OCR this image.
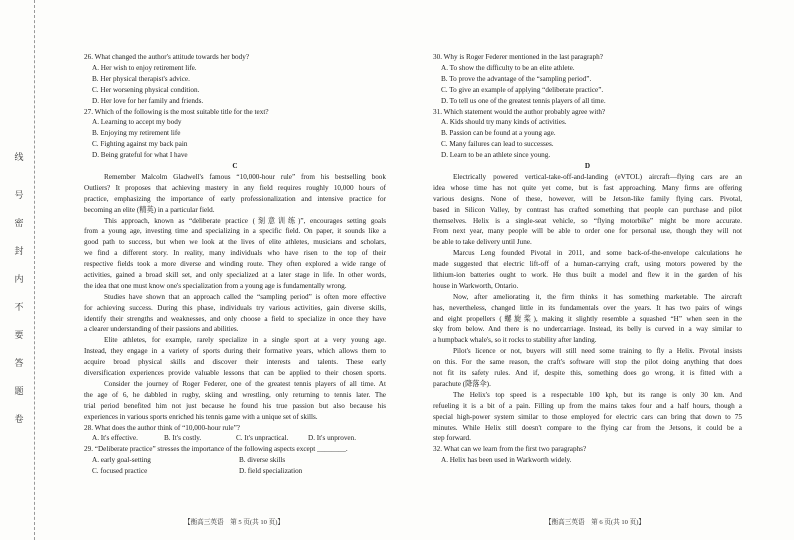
线
号
密
封
内
不
要
答
题
卷
26. What changed the author's attitude towards her body?
A. Her wish to enjoy retirement life.
B. Her physical therapist's advice.
C. Her worsening physical condition.
D. Her love for her family and friends.
27. Which of the following is the most suitable title for the text?
A. Learning to accept my body
B. Enjoying my retirement life
C. Fighting against my back pain
D. Being grateful for what I have
C
Remember Malcolm Gladwell's famous “10,000-hour rule” from his bestselling book
Outliers? It proposes that achieving mastery in any field requires roughly 10,000 hours of
practice, emphasizing the importance of early professionalization and intensive practice for
becoming an elite (精英) in a particular field.
This approach, known as “deliberate practice (刻意训练)”, encourages setting goals
from a young age, investing time and specializing in a specific field. On paper, it sounds like a
good path to success, but when we look at the lives of elite athletes, musicians and scholars,
we find a different story. In reality, many individuals who have risen to the top of their
respective fields took a more diverse and winding route. They often explored a wide range of
activities, gained a broad skill set, and only specialized at a later stage in life. In other words,
the idea that one must know one's specialization from a young age is fundamentally wrong.
Studies have shown that an approach called the “sampling period” is often more effective
for achieving success. During this phase, individuals try various activities, gain diverse skills,
identify their strengths and weaknesses, and only choose a field to specialize in once they have
a clearer understanding of their passions and abilities.
Elite athletes, for example, rarely specialize in a single sport at a very young age.
Instead, they engage in a variety of sports during their formative years, which allows them to
acquire broad physical skills and discover their interests and talents. These early
diversification experiences provide valuable lessons that can be applied to their chosen sports.
Consider the journey of Roger Federer, one of the greatest tennis players of all time. At
the age of 6, he dabbled in rugby, skiing and wrestling, only returning to tennis later. The
trial period benefited him not just because he found his true passion but also because his
experiences in various sports enriched his tennis game with a unique set of skills.
28. What does the author think of “10,000-hour rule”?
A. It's effective.	B. It's costly.	C. It's unpractical.	D. It's unproven.
29. “Deliberate practice” stresses the importance of the following aspects except ________.
A. early goal-setting	B. diverse skills
C. focused practice	D. field specialization
30. Why is Roger Federer mentioned in the last paragraph?
A. To show the difficulty to be an elite athlete.
B. To prove the advantage of the “sampling period”.
C. To give an example of applying “deliberate practice”.
D. To tell us one of the greatest tennis players of all time.
31. Which statement would the author probably agree with?
A. Kids should try many kinds of activities.
B. Passion can be found at a young age.
C. Many failures can lead to successes.
D. Learn to be an athlete since young.
D
Electrically powered vertical-take-off-and-landing (eVTOL) aircraft—flying cars are an
idea whose time has not quite yet come, but is fast approaching. Many firms are offering
various designs. None of these, however, will be Jetson-like family flying cars. Pivotal,
based in Silicon Valley, by contrast has crafted something that people can purchase and pilot
themselves. Helix is a single-seat vehicle, so “flying motorbike” might be more accurate.
From next year, many people will be able to order one for personal use, though they will not
be able to take delivery until June.
Marcus Leng founded Pivotal in 2011, and some back-of-the-envelope calculations he
made suggested that electric lift-off of a human-carrying craft, using motors powered by the
lithium-ion batteries ought to work. He thus built a model and flew it in the garden of his
house in Warkworth, Ontario.
Now, after ameliorating it, the firm thinks it has something marketable. The aircraft
has, nevertheless, changed little in its fundamentals over the years. It has two pairs of wings
and eight propellers (螺旋桨), making it slightly resemble a squashed “H” when seen in the
sky from below. And there is no undercarriage. Instead, its belly is curved in a way similar to
a humpback whale's, so it rocks to stability after landing.
Pilot's licence or not, buyers will still need some training to fly a Helix. Pivotal insists
on this. For the same reason, the craft's software will stop the pilot doing anything that does
not fit its safety rules. And if, despite this, something does go wrong, it is fitted with a
parachute (降落伞).
The Helix's top speed is a respectable 100 kph, but its range is only 30 km. And
refueling it is a bit of a pain. Filling up from the mains takes four and a half hours, though a
special high-power system similar to those employed for electric cars can bring that down to 75
minutes. While Helix still doesn't compare to the flying car from the Jetsons, it could be a
step forward.
32. What can we learn from the first two paragraphs?
A. Helix has been used in Warkworth widely.
【衡高三英语　第 5 页(共 10 页)】	【衡高三英语　第 6 页(共 10 页)】
